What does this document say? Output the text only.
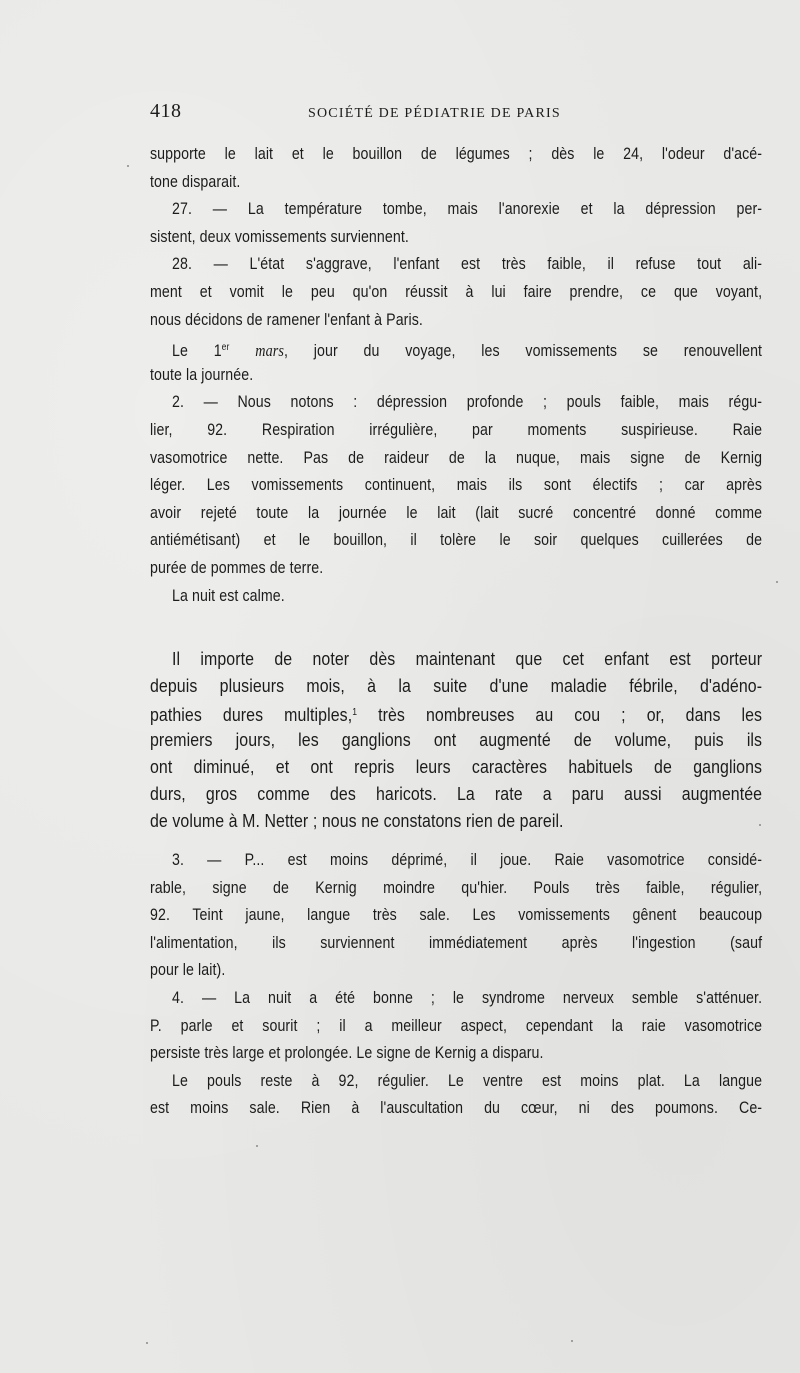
418	SOCIÉTÉ DE PÉDIATRIE DE PARIS
supporte le lait et le bouillon de légumes ; dès le 24, l'odeur d'acé-
tone disparait.
27. — La température tombe, mais l'anorexie et la dépression per-
sistent, deux vomissements surviennent.
28. — L'état s'aggrave, l'enfant est très faible, il refuse tout ali-
ment et vomit le peu qu'on réussit à lui faire prendre, ce que voyant,
nous décidons de ramener l'enfant à Paris.
Le 1er mars, jour du voyage, les vomissements se renouvellent
toute la journée.
2. — Nous notons : dépression profonde ; pouls faible, mais régu-
lier, 92. Respiration irrégulière, par moments suspirieuse. Raie
vasomotrice nette. Pas de raideur de la nuque, mais signe de Kernig
léger. Les vomissements continuent, mais ils sont électifs ; car après
avoir rejeté toute la journée le lait (lait sucré concentré donné comme
antiémétisant) et le bouillon, il tolère le soir quelques cuillerées de
purée de pommes de terre.
La nuit est calme.
Il importe de noter dès maintenant que cet enfant est porteur
depuis plusieurs mois, à la suite d'une maladie fébrile, d'adéno-
pathies dures multiples,$^1$ très nombreuses au cou ; or, dans les
premiers jours, les ganglions ont augmenté de volume, puis ils
ont diminué, et ont repris leurs caractères habituels de ganglions
durs, gros comme des haricots. La rate a paru aussi augmentée
de volume à M. Netter ; nous ne constatons rien de pareil.
3. — P... est moins déprimé, il joue. Raie vasomotrice considé-
rable, signe de Kernig moindre qu'hier. Pouls très faible, régulier,
92. Teint jaune, langue très sale. Les vomissements gênent beaucoup
l'alimentation, ils surviennent immédiatement après l'ingestion (sauf
pour le lait).
4. — La nuit a été bonne ; le syndrome nerveux semble s'atténuer.
P. parle et sourit ; il a meilleur aspect, cependant la raie vasomotrice
persiste très large et prolongée. Le signe de Kernig a disparu.
Le pouls reste à 92, régulier. Le ventre est moins plat. La langue
est moins sale. Rien à l'auscultation du cœur, ni des poumons. Ce-
